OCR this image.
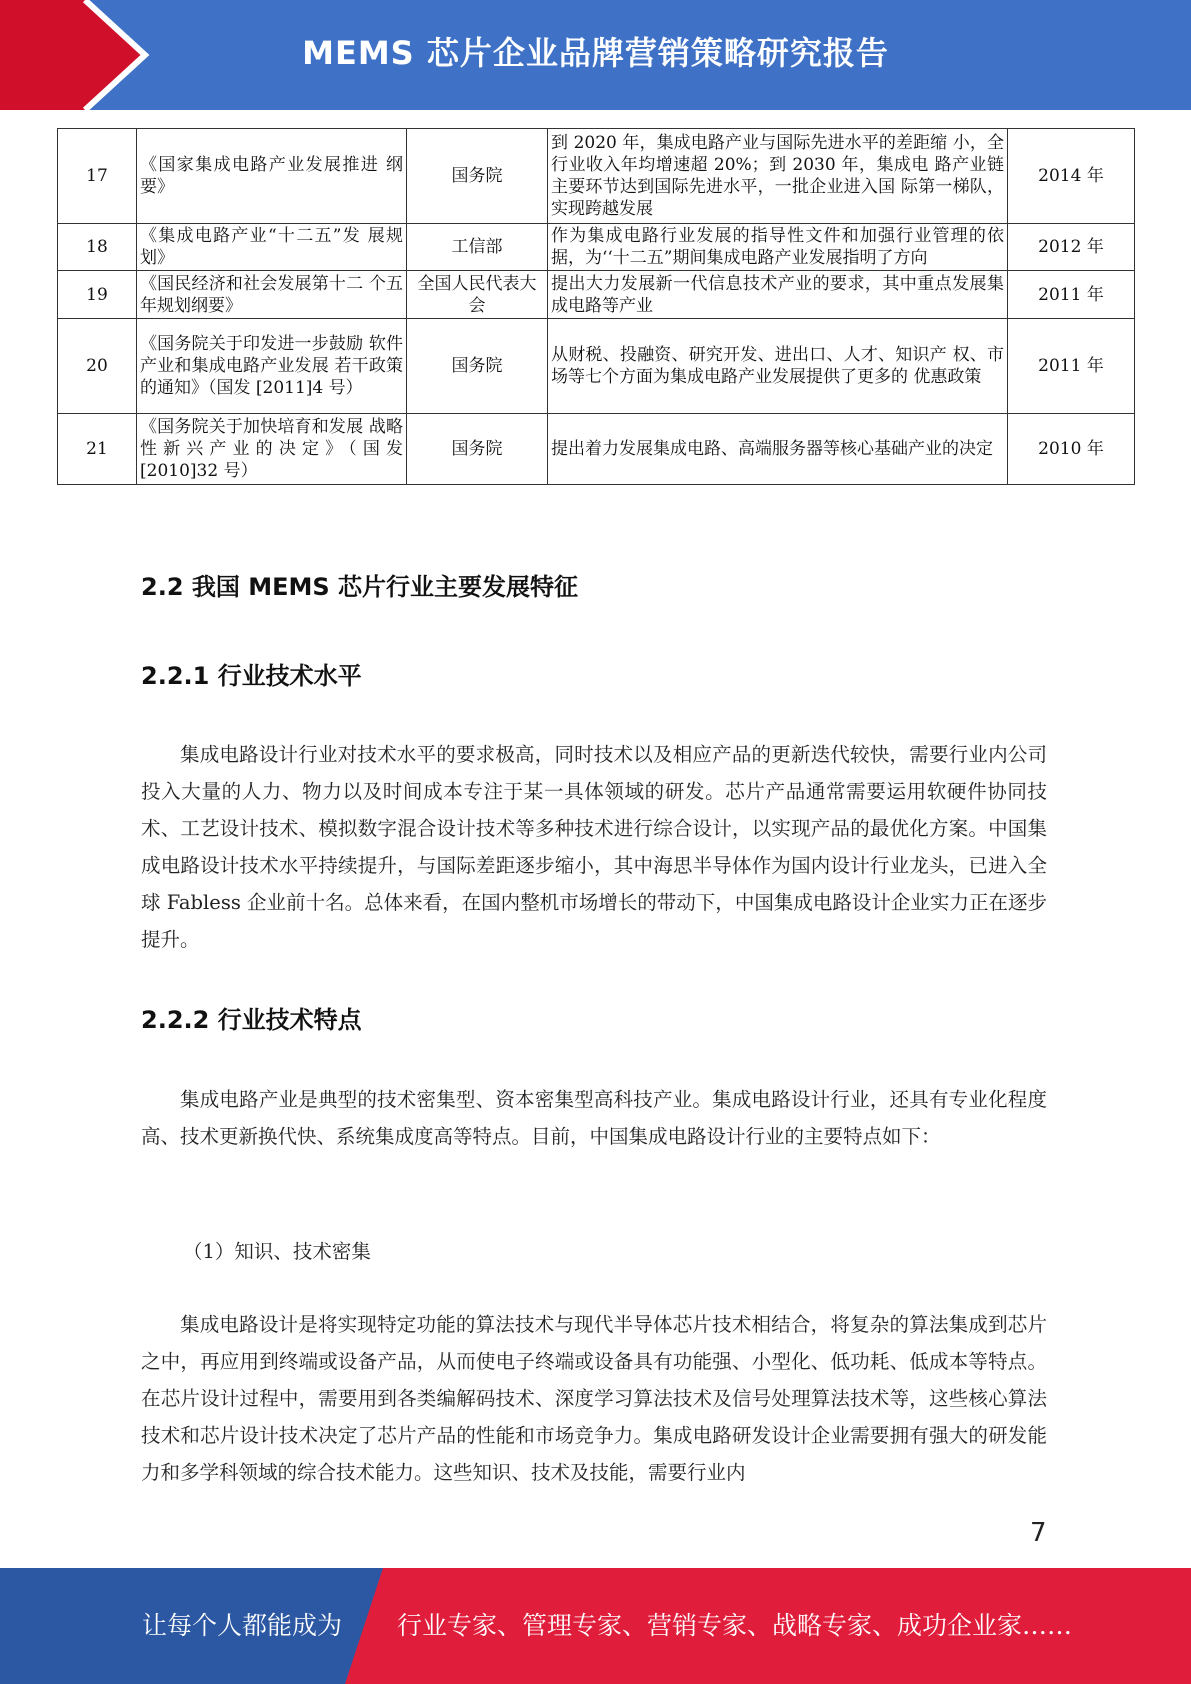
MEMS 芯片企业品牌营销策略研究报告
17	《国家集成电路产业发展推进 纲要》	国务院	到 2020 年，集成电路产业与国际先进水平的差距缩 小，全行业收入年均增速超 20%；到 2030 年，集成电 路产业链主要环节达到国际先进水平，一批企业进入国 际第一梯队，实现跨越发展	2014 年
18	《集成电路产业“十二五”发 展规划》	工信部	作为集成电路行业发展的指导性文件和加强行业管理的依据，为‘‘十二五”期间集成电路产业发展指明了方向	2012 年
19	《国民经济和社会发展第十二 个五年规划纲要》	全国人民代表大会	提出大力发展新一代信息技术产业的要求，其中重点发展集成电路等产业	2011 年
20	《国务院关于印发进一步鼓励 软件产业和集成电路产业发展 若干政策的通知》（国发 [2011]4 号）	国务院	从财税、投融资、研究开发、进出口、人才、知识产 权、市场等七个方面为集成电路产业发展提供了更多的 优惠政策	2011 年
21	《国务院关于加快培育和发展 战略性新兴产业的决定》（国发[2010]32 号）	国务院	提出着力发展集成电路、高端服务器等核心基础产业的决定	2010 年
2.2 我国 MEMS 芯片行业主要发展特征
2.2.1 行业技术水平

集成电路设计行业对技术水平的要求极高，同时技术以及相应产品的更新迭代较快，需要行业内公司投入大量的人力、物力以及时间成本专注于某一具体领域的研发。芯片产品通常需要运用软硬件协同技术、工艺设计技术、模拟数字混合设计技术等多种技术进行综合设计，以实现产品的最优化方案。中国集成电路设计技术水平持续提升，与国际差距逐步缩小，其中海思半导体作为国内设计行业龙头，已进入全球 Fabless 企业前十名。总体来看，在国内整机市场增长的带动下，中国集成电路设计企业实力正在逐步提升。

2.2.2 行业技术特点

集成电路产业是典型的技术密集型、资本密集型高科技产业。集成电路设计行业，还具有专业化程度高、技术更新换代快、系统集成度高等特点。目前，中国集成电路设计行业的主要特点如下：

（1）知识、技术密集

集成电路设计是将实现特定功能的算法技术与现代半导体芯片技术相结合，将复杂的算法集成到芯片之中，再应用到终端或设备产品，从而使电子终端或设备具有功能强、小型化、低功耗、低成本等特点。在芯片设计过程中，需要用到各类编解码技术、深度学习算法技术及信号处理算法技术等，这些核心算法技术和芯片设计技术决定了芯片产品的性能和市场竞争力。集成电路研发设计企业需要拥有强大的研发能力和多学科领域的综合技术能力。这些知识、技术及技能，需要行业内

7
让每个人都能成为 行业专家、管理专家、营销专家、战略专家、成功企业家……
